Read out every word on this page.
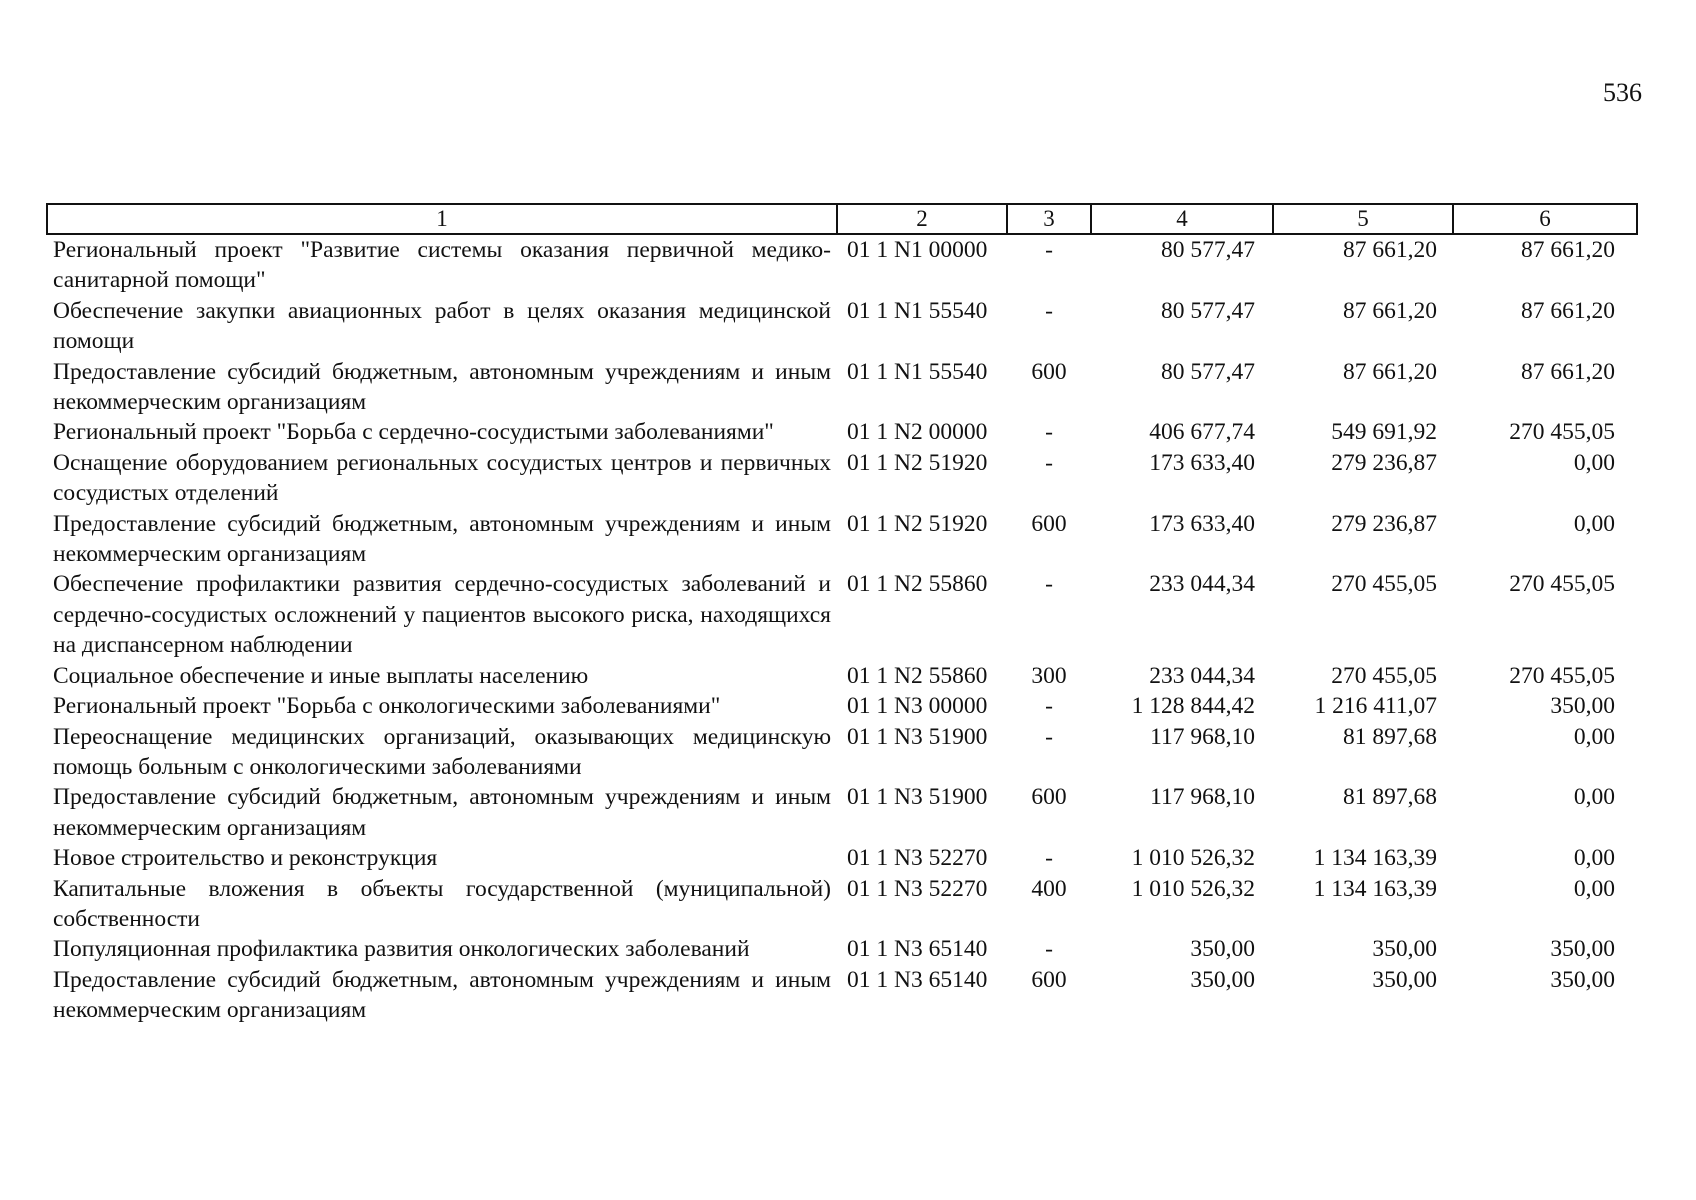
536
1	2	3	4	5	6
Региональный проект "Развитие системы оказания первичной медико-санитарной помощи"	01 1 N1 00000	-	80 577,47	87 661,20	87 661,20
Обеспечение закупки авиационных работ в целях оказания медицинской помощи	01 1 N1 55540	-	80 577,47	87 661,20	87 661,20
Предоставление субсидий бюджетным, автономным учреждениям и иным некоммерческим организациям	01 1 N1 55540	600	80 577,47	87 661,20	87 661,20
Региональный проект "Борьба с сердечно-сосудистыми заболеваниями"	01 1 N2 00000	-	406 677,74	549 691,92	270 455,05
Оснащение оборудованием региональных сосудистых центров и первичных сосудистых отделений	01 1 N2 51920	-	173 633,40	279 236,87	0,00
Предоставление субсидий бюджетным, автономным учреждениям и иным некоммерческим организациям	01 1 N2 51920	600	173 633,40	279 236,87	0,00
Обеспечение профилактики развития сердечно-сосудистых заболеваний и сердечно-сосудистых осложнений у пациентов высокого риска, находящихся на диспансерном наблюдении	01 1 N2 55860	-	233 044,34	270 455,05	270 455,05
Социальное обеспечение и иные выплаты населению	01 1 N2 55860	300	233 044,34	270 455,05	270 455,05
Региональный проект "Борьба с онкологическими заболеваниями"	01 1 N3 00000	-	1 128 844,42	1 216 411,07	350,00
Переоснащение медицинских организаций, оказывающих медицинскую помощь больным с онкологическими заболеваниями	01 1 N3 51900	-	117 968,10	81 897,68	0,00
Предоставление субсидий бюджетным, автономным учреждениям и иным некоммерческим организациям	01 1 N3 51900	600	117 968,10	81 897,68	0,00
Новое строительство и реконструкция	01 1 N3 52270	-	1 010 526,32	1 134 163,39	0,00
Капитальные вложения в объекты государственной (муниципальной) собственности	01 1 N3 52270	400	1 010 526,32	1 134 163,39	0,00
Популяционная профилактика развития онкологических заболеваний	01 1 N3 65140	-	350,00	350,00	350,00
Предоставление субсидий бюджетным, автономным учреждениям и иным некоммерческим организациям	01 1 N3 65140	600	350,00	350,00	350,00
